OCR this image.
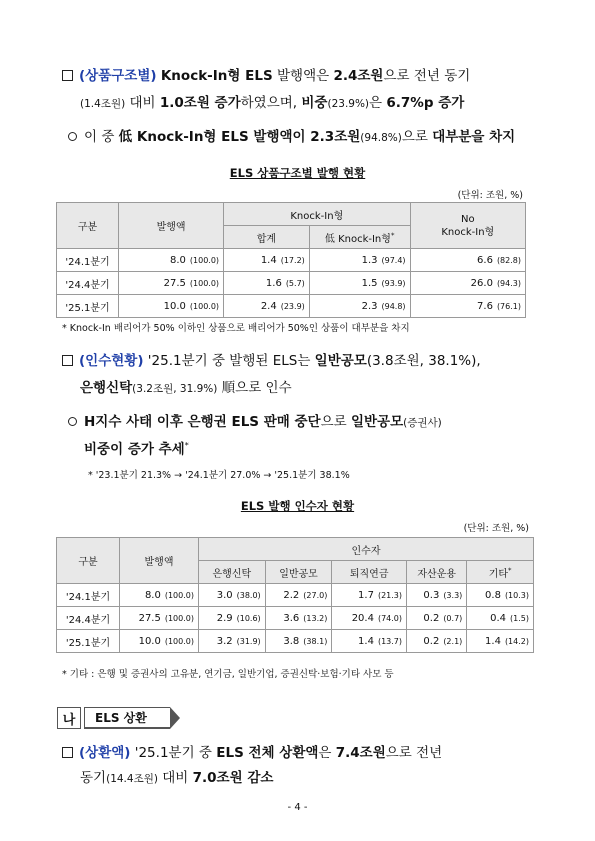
(상품구조별) Knock-In형 ELS 발행액은 2.4조원으로 전년 동기
(1.4조원) 대비 1.0조원 증가하였으며, 비중(23.9%)은 6.7%p 증가
이 중 低 Knock-In형 ELS 발행액이 2.3조원(94.8%)으로 대부분을 차지
ELS 상품구조별 발행 현황
(단위: 조원, %)
구분	발행액	Knock-In형		No
Knock-In형
		합계	低 Knock-In형*
'24.1분기	8.0 (100.0)	1.4 (17.2)	1.3 (97.4)	6.6 (82.8)
'24.4분기	27.5 (100.0)	1.6 (5.7)	1.5 (93.9)	26.0 (94.3)
'25.1분기	10.0 (100.0)	2.4 (23.9)	2.3 (94.8)	7.6 (76.1)
* Knock-In 배리어가 50% 이하인 상품으로 배리어가 50%인 상품이 대부분을 차지
(인수현황) '25.1분기 중 발행된 ELS는 일반공모(3.8조원, 38.1%),
은행신탁(3.2조원, 31.9%) 順으로 인수
H지수 사태 이후 은행권 ELS 판매 중단으로 일반공모(증권사)
비중이 증가 추세*
* '23.1분기 21.3% → '24.1분기 27.0% → '25.1분기 38.1%
ELS 발행 인수자 현황
(단위: 조원, %)
구분	발행액	인수자				
		은행신탁	일반공모	퇴직연금	자산운용	기타*
'24.1분기	8.0 (100.0)	3.0 (38.0)	2.2 (27.0)	1.7 (21.3)	0.3 (3.3)	0.8 (10.3)
'24.4분기	27.5 (100.0)	2.9 (10.6)	3.6 (13.2)	20.4 (74.0)	0.2 (0.7)	0.4 (1.5)
'25.1분기	10.0 (100.0)	3.2 (31.9)	3.8 (38.1)	1.4 (13.7)	0.2 (2.1)	1.4 (14.2)
* 기타 : 은행 및 증권사의 고유분, 연기금, 일반기업, 증권신탁·보험·기타 사모 등
나	ELS 상환
(상환액) '25.1분기 중 ELS 전체 상환액은 7.4조원으로 전년
동기(14.4조원) 대비 7.0조원 감소
- 4 -
